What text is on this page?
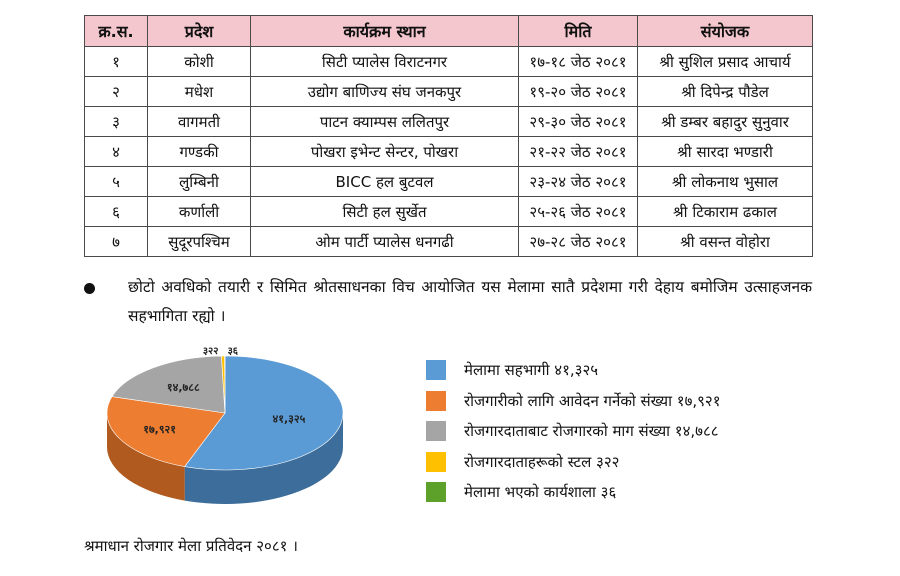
क्र.स.	प्रदेश	कार्यक्रम स्थान	मिति	संयोजक
१	कोशी	सिटी प्यालेस विराटनगर	१७-१८ जेठ २०८१	श्री सुशिल प्रसाद आचार्य
२	मधेश	उद्योग बाणिज्य संघ जनकपुर	१९-२० जेठ २०८१	श्री दिपेन्द्र पौडेल
३	वागमती	पाटन क्याम्पस ललितपुर	२९-३० जेठ २०८१	श्री डम्बर बहादुर सुनुवार
४	गण्डकी	पोखरा इभेन्ट सेन्टर, पोखरा	२१-२२ जेठ २०८१	श्री सारदा भण्डारी
५	लुम्बिनी	BICC हल बुटवल	२३-२४ जेठ २०८१	श्री लोकनाथ भुसाल
६	कर्णाली	सिटी हल सुर्खेत	२५-२६ जेठ २०८१	श्री टिकाराम ढकाल
७	सुदूरपश्चिम	ओम पार्टी प्यालेस धनगढी	२७-२८ जेठ २०८१	श्री वसन्त वोहोरा

छोटो अवधिको तयारी र सिमित श्रोतसाधनका विच आयोजित यस मेलामा सातै प्रदेशमा गरी देहाय बमोजिम उत्साहजनक सहभागिता रह्यो ।

४१,३२५
१७,९२१
१४,७८८
३२२ ३६
मेलामा सहभागी ४१,३२५
रोजगारीको लागि आवेदन गर्नेको संख्या १७,९२१
रोजगारदाताबाट रोजगारको माग संख्या १४,७८८
रोजगारदाताहरूको स्टल ३२२
मेलामा भएको कार्यशाला ३६
श्रमाधान रोजगार मेला प्रतिवेदन २०८१ ।
